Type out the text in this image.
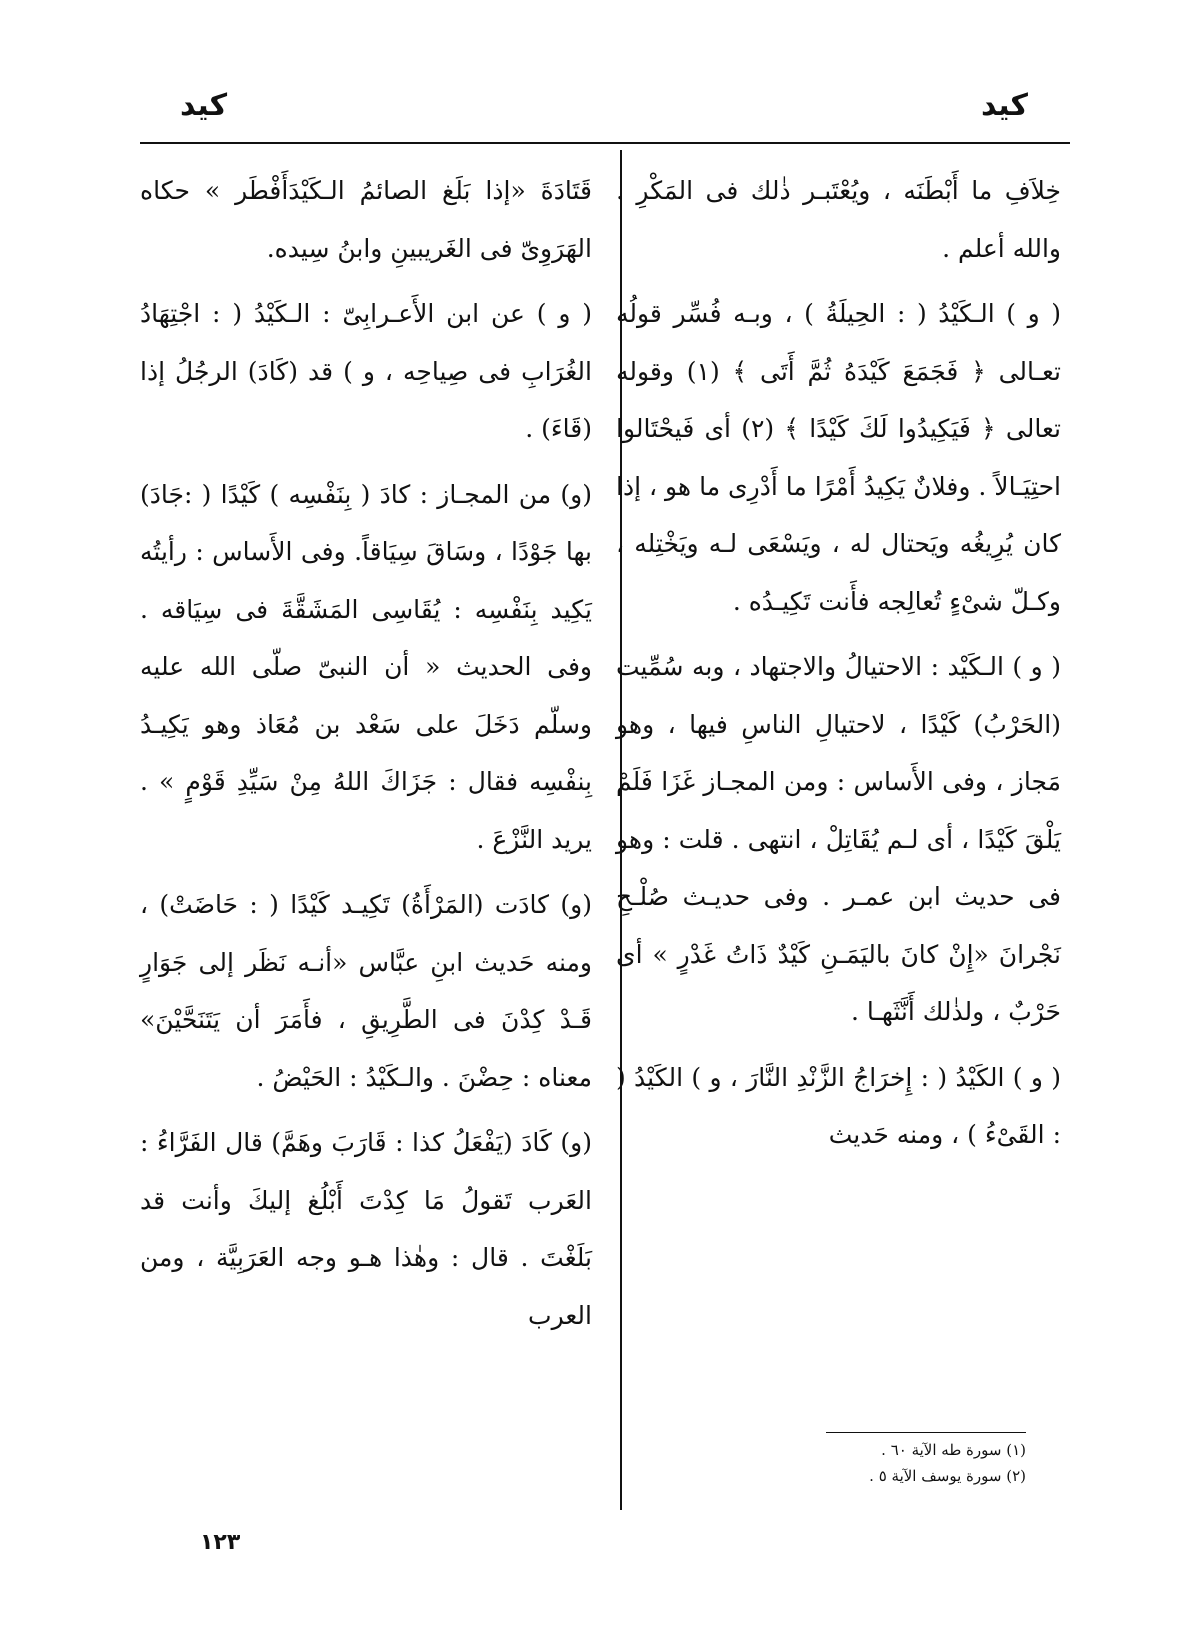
كيد
كيد

خِلاَفِ ما أَبْطَنَه ، ويُعْتَبـر ذٰلك فى المَكْرِ . والله أعلم .

( و ) الـكَيْدُ ( : الحِيلَةُ ) ، وبـه فُسِّر قولُه تعـالى ﴿ فَجَمَعَ كَيْدَهُ ثُمَّ أَتَى ﴾ (١) وقوله تعالى ﴿ فَيَكِيدُوا لَكَ كَيْدًا ﴾ (٢) أى فَيحْتَالوا احتِيَـالاً . وفلانٌ يَكِيدُ أَمْرًا ما أَدْرِى ما هو ، إذا كان يُرِيغُه ويَحتال له ، ويَسْعَى لـه ويَخْتِله ، وكـلّ شىْءٍ تُعالِجه فأَنت تَكِيـدُه .

( و ) الـكَيْد : الاحتيالُ والاجتهاد ، وبه سُمِّيت (الحَرْبُ) كَيْدًا ، لاحتيالِ الناسِ فيها ، وهو مَجاز ، وفى الأَساس : ومن المجـاز غَزَا فَلَمْ يَلْقَ كَيْدًا ، أى لـم يُقَاتِلْ ، انتهى . قلت : وهو فى حديث ابن عمـر . وفى حديـث صُلْـحِ نَجْرانَ «إِنْ كانَ باليَمَـنِ كَيْدٌ ذَاتُ غَدْرٍ » أى حَرْبٌ ، ولذٰلك أَنَّثَهـا .

( و ) الكَيْدُ ( : إِخرَاجُ الزَّنْدِ النَّارَ ، و ) الكَيْدُ ( : القَىْءُ ) ، ومنه حَديث

قَتَادَةَ «إذا بَلَغ الصائمُ الـكَيْدَأَفْطَر » حكاه الهَرَوِىّ فى الغَريبينِ وابنُ سِيده.

( و ) عن ابن الأَعـرابِىّ : الـكَيْدُ ( : اجْتِهَادُ الغُرَابِ فى صِياحِه ، و ) قد (كَادَ) الرجُلُ إذا (قَاءَ) .

(و) من المجـاز : كادَ ( بِنَفْسِه ) كَيْدًا ( :جَادَ) بها جَوْدًا ، وسَاقَ سِيَاقاً. وفى الأَساس : رأيتُه يَكِيد بِنَفْسِه : يُقَاسِى المَشَقَّةَ فى سِيَاقه . وفى الحديث « أن النبىّ صلّى الله عليه وسلّم دَخَلَ على سَعْد بن مُعَاذ وهو يَكِيـدُ بِنفْسِه فقال : جَزَاكَ اللهُ مِنْ سَيِّدِ قَوْمٍ » . يريد النَّزْعَ .

(و) كادَت (المَرْأَةُ) تَكِيـد كَيْدًا ( : حَاضَتْ) ، ومنه حَديث ابنِ عبَّاس «أنـه نَظَر إلى جَوَارٍ قَـدْ كِدْنَ فى الطَّرِيقِ ، فأَمَرَ أن يَتَنَحَّيْنَ» معناه : حِضْنَ . والـكَيْدُ : الحَيْضُ .

(و) كَادَ (يَفْعَلُ كذا : قَارَبَ وهَمَّ) قال الفَرَّاءُ : العَرب تَقولُ مَا كِدْتَ أَبْلُغ إليكَ وأنت قد بَلَغْتَ . قال : وهٰذا هـو وجه العَرَبِيَّة ، ومن العرب

(١) سورة طه الآية ٦٠ .
(٢) سورة يوسف الآية ٥ .
١٢٣
